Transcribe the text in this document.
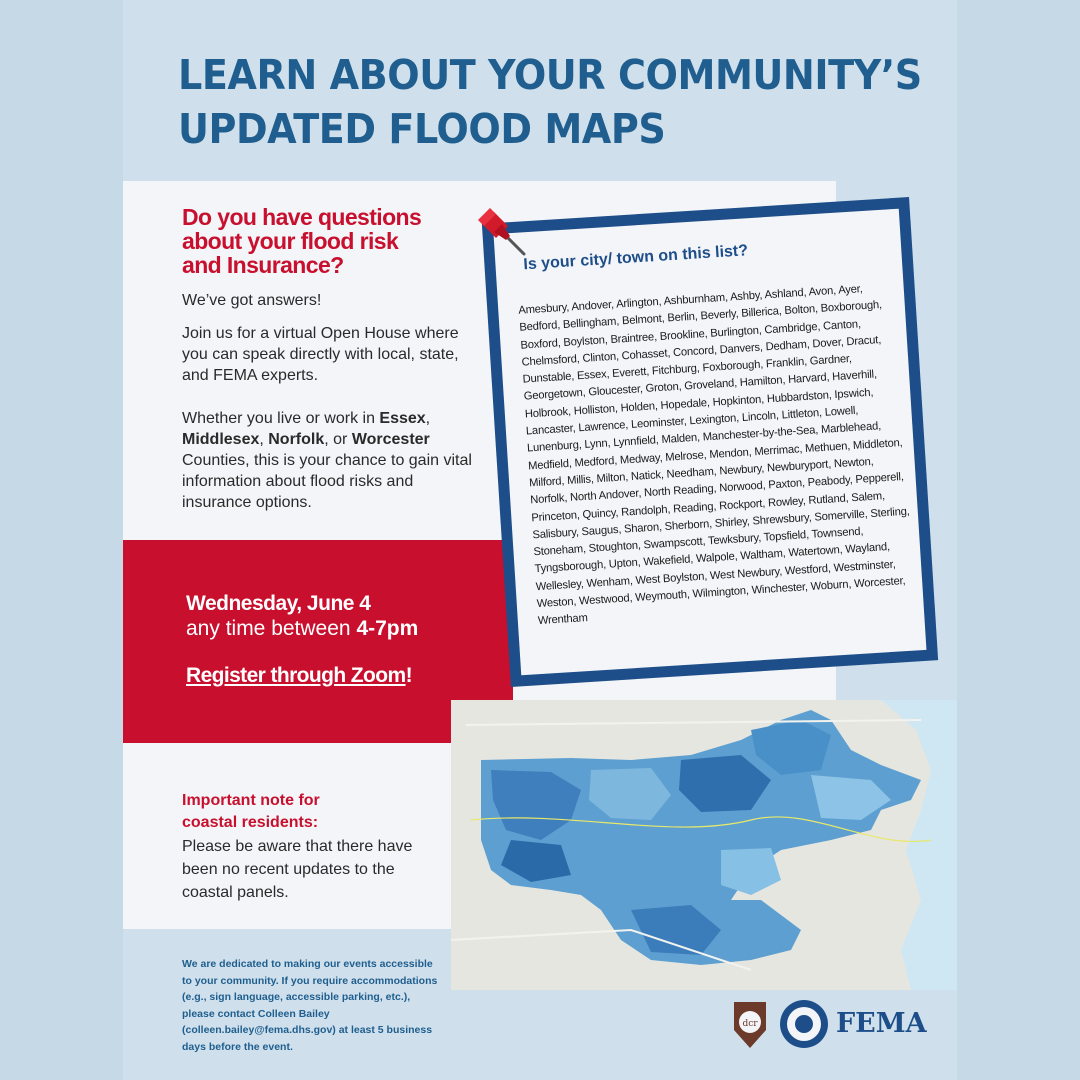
LEARN ABOUT YOUR COMMUNITY’S
UPDATED FLOOD MAPS
Do you have questions
about your flood risk
and Insurance?

We’ve got answers!

Join us for a virtual Open House where you can speak directly with local, state, and FEMA experts.

Whether you live or work in Essex, Middlesex, Norfolk, or Worcester Counties, this is your chance to gain vital information about flood risks and insurance options.

Wednesday, June 4

any time between 4-7pm

Register through Zoom!
Important note for
coastal residents:

Please be aware that there have been no recent updates to the coastal panels.

We are dedicated to making our events accessible to your community. If you require accommodations (e.g., sign language, accessible parking, etc.), please contact Colleen Bailey (colleen.bailey@fema.dhs.gov) at least 5 business days before the event.

Is your city/ town on this list?

Amesbury, Andover, Arlington, Ashburnham, Ashby, Ashland, Avon, Ayer, Bedford, Bellingham, Belmont, Berlin, Beverly, Billerica, Bolton, Boxborough, Boxford, Boylston, Braintree, Brookline, Burlington, Cambridge, Canton, Chelmsford, Clinton, Cohasset, Concord, Danvers, Dedham, Dover, Dracut, Dunstable, Essex, Everett, Fitchburg, Foxborough, Franklin, Gardner, Georgetown, Gloucester, Groton, Groveland, Hamilton, Harvard, Haverhill, Holbrook, Holliston, Holden, Hopedale, Hopkinton, Hubbardston, Ipswich, Lancaster, Lawrence, Leominster, Lexington, Lincoln, Littleton, Lowell, Lunenburg, Lynn, Lynnfield, Malden, Manchester-by-the-Sea, Marblehead, Medfield, Medford, Medway, Melrose, Mendon, Merrimac, Methuen, Middleton, Milford, Millis, Milton, Natick, Needham, Newbury, Newburyport, Newton, Norfolk, North Andover, North Reading, Norwood, Paxton, Peabody, Pepperell, Princeton, Quincy, Randolph, Reading, Rockport, Rowley, Rutland, Salem, Salisbury, Saugus, Sharon, Sherborn, Shirley, Shrewsbury, Somerville, Sterling, Stoneham, Stoughton, Swampscott, Tewksbury, Topsfield, Townsend, Tyngsborough, Upton, Wakefield, Walpole, Waltham, Watertown, Wayland, Wellesley, Wenham, West Boylston, West Newbury, Westford, Westminster, Weston, Westwood, Weymouth, Wilmington, Winchester, Woburn, Worcester, Wrentham

dcr	FEMA
